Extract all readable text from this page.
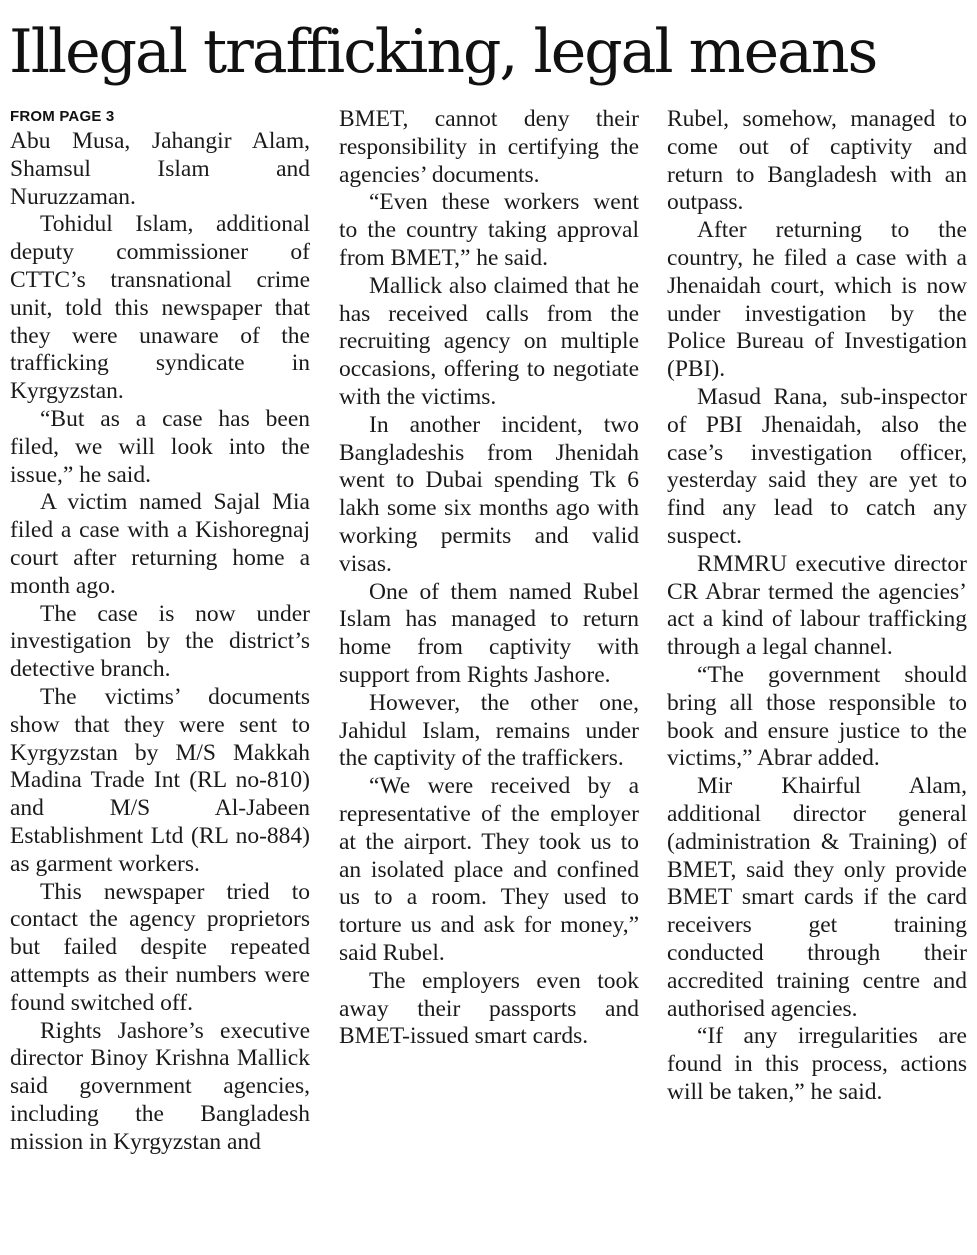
Illegal trafficking, legal means
FROM PAGE 3

Abu Musa, Jahangir Alam, Shamsul Islam and Nuruzzaman.

Tohidul Islam, additional deputy commissioner of CTTC’s transnational crime unit, told this newspaper that they were unaware of the trafficking syndicate in Kyrgyzstan.

“But as a case has been filed, we will look into the issue,” he said.

A victim named Sajal Mia filed a case with a Kishoregnaj court after returning home a month ago.

The case is now under investigation by the district’s detective branch.

The victims’ documents show that they were sent to Kyrgyzstan by M/S Makkah Madina Trade Int (RL no-810) and M/S Al-Jabeen Establishment Ltd (RL no-884) as garment workers.

This newspaper tried to contact the agency proprietors but failed despite repeated attempts as their numbers were found switched off.

Rights Jashore’s executive director Binoy Krishna Mallick said government agencies, including the Bangladesh mission in Kyrgyzstan and

BMET, cannot deny their responsibility in certifying the agencies’ documents.

“Even these workers went to the country taking approval from BMET,” he said.

Mallick also claimed that he has received calls from the recruiting agency on multiple occasions, offering to negotiate with the victims.

In another incident, two Bangladeshis from Jhenidah went to Dubai spending Tk 6 lakh some six months ago with working permits and valid visas.

One of them named Rubel Islam has managed to return home from captivity with support from Rights Jashore.

However, the other one, Jahidul Islam, remains under the captivity of the traffickers.

“We were received by a representative of the employer at the airport. They took us to an isolated place and confined us to a room. They used to torture us and ask for money,” said Rubel.

The employers even took away their passports and BMET-issued smart cards.

Rubel, somehow, managed to come out of captivity and return to Bangladesh with an outpass.

After returning to the country, he filed a case with a Jhenaidah court, which is now under investigation by the Police Bureau of Investigation (PBI).

Masud Rana, sub-inspector of PBI Jhenaidah, also the case’s investigation officer, yesterday said they are yet to find any lead to catch any suspect.

RMMRU executive director CR Abrar termed the agencies’ act a kind of labour trafficking through a legal channel.

“The government should bring all those responsible to book and ensure justice to the victims,” Abrar added.

Mir Khairful Alam, additional director general (administration & Training) of BMET, said they only provide BMET smart cards if the card receivers get training conducted through their accredited training centre and authorised agencies.

“If any irregularities are found in this process, actions will be taken,” he said.
